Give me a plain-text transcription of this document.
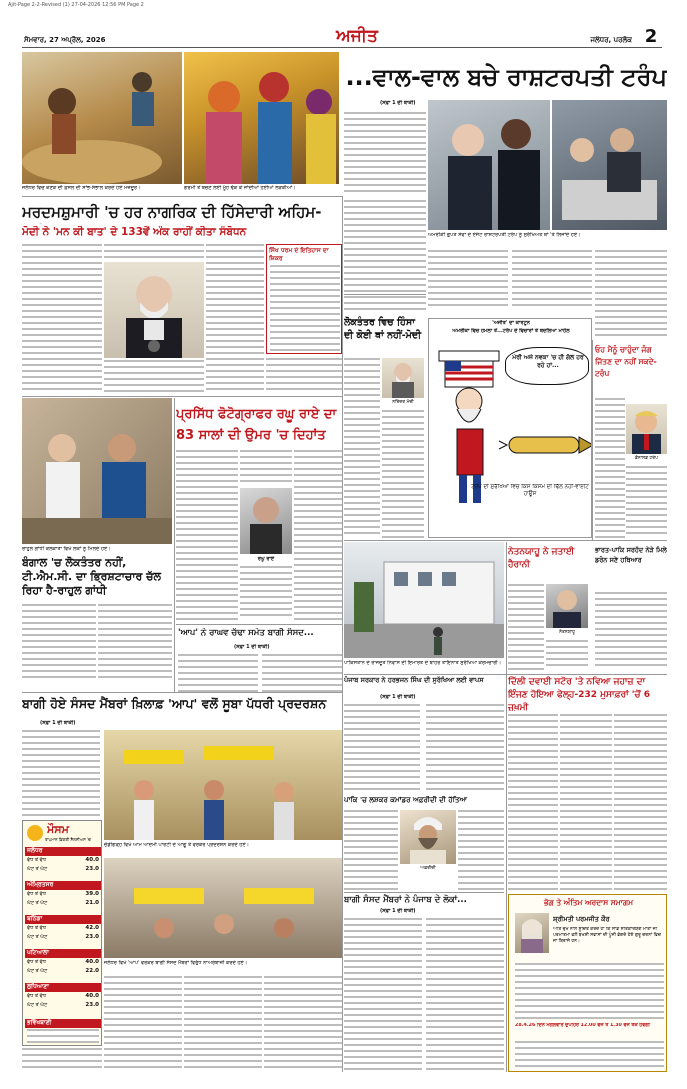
Ajit-Page 2-2-Revised (1) 27-04-2026 12:56 PM Page 2
ਸੋਮਵਾਰ, 27 ਅਪ੍ਰੈਲ, 2026	ਅਜੀਤ	ਜਲੰਧਰ, ਪਰਲੋਕ 2
ਜਲੰਧਰ ਵਿਚ ਕਣਕ ਦੀ ਫ਼ਸਲ ਦੀ ਸਾਂਭ-ਸੰਭਾਲ ਕਰਦੇ ਹੋਏ ਮਜ਼ਦੂਰ।	ਗਰਮੀ ਤੋਂ ਬਚਣ ਲਈ ਮੂੰਹ ਢੱਕ ਕੇ ਜਾਂਦੀਆਂ ਹੋਈਆਂ ਲੜਕੀਆਂ।
...ਵਾਲ-ਵਾਲ ਬਚੇ ਰਾਸ਼ਟਰਪਤੀ ਟਰੰਪ
(ਸਫ਼ਾ 1 ਦੀ ਬਾਕੀ)
ਅਮਰੀਕੀ ਗੁਪਤ ਸੇਵਾ ਦੇ ਏਜੰਟ ਰਾਸ਼ਟਰਪਤੀ ਟਰੰਪ ਨੂੰ ਸੁਰੱਖਿਅਤ ਥਾਂ 'ਤੇ ਲਿਜਾਂਦੇ ਹੋਏ।
ਮਰਦਮਸ਼ੁਮਾਰੀ 'ਚ ਹਰ ਨਾਗਰਿਕ ਦੀ ਹਿੱਸੇਦਾਰੀ ਅਹਿਮ-
ਮੋਦੀ ਨੇ 'ਮਨ ਕੀ ਬਾਤ' ਦੇ 133ਵੇਂ ਅੰਕ ਰਾਹੀਂ ਕੀਤਾ ਸੰਬੋਧਨ
ਸਿੱਖ ਧਰਮ ਦੇ ਇਤਿਹਾਸ ਦਾ ਜ਼ਿਕਰ
ਰਾਹੁਲ ਗਾਂਧੀ ਕੋਲਕਾਤਾ ਵਿਖੇ ਲੋਕਾਂ ਨੂੰ ਮਿਲਦੇ ਹੋਏ।
ਬੰਗਾਲ 'ਚ ਲੋਕਤੰਤਰ ਨਹੀਂ, ਟੀ.ਐਮ.ਸੀ. ਦਾ ਭ੍ਰਿਸ਼ਟਾਚਾਰ ਚੱਲ ਰਿਹਾ ਹੈ-ਰਾਹੁਲ ਗਾਂਧੀ
ਪ੍ਰਸਿੱਧ ਫੋਟੋਗ੍ਰਾਫਰ ਰਘੂ ਰਾਏ ਦਾ 83 ਸਾਲਾਂ ਦੀ ਉਮਰ 'ਚ ਦਿਹਾਂਤ
ਰਘੂ ਰਾਏ
'ਆਪ' ਨੇ ਰਾਘਵ ਚੱਢਾ ਸਮੇਤ ਬਾਗੀ ਸੰਸਦ...
(ਸਫ਼ਾ 1 ਦੀ ਬਾਕੀ)
ਬਾਗੀ ਹੋਏ ਸੰਸਦ ਮੈਂਬਰਾਂ ਖ਼ਿਲਾਫ਼ 'ਆਪ' ਵਲੋਂ ਸੂਬਾ ਪੱਧਰੀ ਪ੍ਰਦਰਸ਼ਨ
(ਸਫ਼ਾ 1 ਦੀ ਬਾਕੀ)
ਚੰਡੀਗੜ੍ਹ ਵਿਖੇ ਆਮ ਆਦਮੀ ਪਾਰਟੀ ਦੇ ਆਗੂ ਤੇ ਵਰਕਰ ਪ੍ਰਦਰਸ਼ਨ ਕਰਦੇ ਹੋਏ।
ਜਲੰਧਰ ਵਿਖੇ 'ਆਪ' ਵਰਕਰ ਬਾਗੀ ਸੰਸਦ ਮੈਂਬਰਾਂ ਵਿਰੁੱਧ ਨਾਅਰੇਬਾਜ਼ੀ ਕਰਦੇ ਹੋਏ।
ਮੌਸਮ
ਤਾਪਮਾਨ ਡਿਗਰੀ ਸੈਲਸੀਅਸ 'ਚ
ਜਲੰਧਰ
ਵੱਧ ਤੋਂ ਵੱਧ	40.0
ਘੱਟ ਤੋਂ ਘੱਟ	23.0
ਅੰਮ੍ਰਿਤਸਰ
ਵੱਧ ਤੋਂ ਵੱਧ	39.0
ਘੱਟ ਤੋਂ ਘੱਟ	21.0
ਬਠਿੰਡਾ
ਵੱਧ ਤੋਂ ਵੱਧ	42.0
ਘੱਟ ਤੋਂ ਘੱਟ	23.0
ਪਟਿਆਲਾ
ਵੱਧ ਤੋਂ ਵੱਧ	40.0
ਘੱਟ ਤੋਂ ਘੱਟ	22.0
ਲੁਧਿਆਣਾ
ਵੱਧ ਤੋਂ ਵੱਧ	40.0
ਘੱਟ ਤੋਂ ਘੱਟ	23.0
ਭਵਿੱਖਬਾਣੀ
ਲੋਕਤੰਤਰ ਵਿਚ ਹਿੰਸਾ ਦੀ ਕੋਈ ਥਾਂ ਨਹੀਂ-ਮੋਦੀ
ਨਰਿੰਦਰ ਮੋਦੀ
'ਅਜੀਤ' ਦਾ ਕਾਰਟੂਨ
ਅਮਰੀਕਾ ਵਿਚ ਹਮਲਾ ਤੋਂ...ਟਰੰਪ ਦੇ ਵਿਚਾਰਾਂ ਤੇ ਬਦਲਿਆ ਮਾਹੌਲ
ਮੇਰੀ ਅਜੇ ਨਵਕਾ 'ਚ ਹੀ ਗੱਲ ਹਰ ਰਹੇ ਹਾਂ...
ਟਰੰਪ ਦੀ ਸੁਰੱਖਿਆ ਵਿਚ ਕਿਸੇ ਕਿਸਮ ਦੀ ਢਿੱਲ ਨਹੀਂ-ਵਾਈਟ ਹਾਊਸ
ਓਹ ਮੈਨੂੰ ਚਾਹੁੰਦਾ ਜੰਗ ਜਿੱਤਣ ਦਾ ਨਹੀਂ ਸਕਦੇ-ਟਰੰਪ
ਡੋਨਾਲਡ ਟਰੰਪ
ਪਾਕਿਸਤਾਨ ਦੇ ਰਾਜਦੂਤ ਨਿਵਾਸ ਦੀ ਇਮਾਰਤ ਦੇ ਬਾਹਰ ਤਾਇਨਾਤ ਸੁਰੱਖਿਆ ਕਰਮਚਾਰੀ।
ਨੇਤਨਯਾਹੂ ਨੇ ਜਤਾਈ ਹੈਰਾਨੀ
ਨੇਤਨਯਾਹੂ
ਭਾਰਤ-ਪਾਕਿ ਸਰਹੱਦ ਨੇੜੇ ਮਿਲੇ ਡਰੋਨ ਸਣੇ ਹਥਿਆਰ
ਪੰਜਾਬ ਸਰਕਾਰ ਨੇ ਹਰਭਜਨ ਸਿੰਘ ਦੀ ਸੁਰੱਖਿਆ ਲਈ ਵਾਪਸ
(ਸਫ਼ਾ 1 ਦੀ ਬਾਕੀ)
ਦਿੱਲੀ ਦਵਾਈ ਸਟੋਰ 'ਤੇ ਨਵਿਆ ਜਹਾਜ਼ ਦਾ ਇੰਜਣ ਹੋਇਆ ਫੇਲ੍ਹ-232 ਮੁਸਾਫ਼ਰਾਂ 'ਚੋਂ 6 ਜ਼ਖ਼ਮੀ
ਪਾਕਿ 'ਚ ਲਸ਼ਕਰ ਕਮਾਂਡਰ ਅਫ਼ਰੀਦੀ ਦੀ ਹੱਤਿਆ
ਅਫ਼ਰੀਦੀ
ਬਾਗੀ ਸੰਸਦ ਮੈਂਬਰਾਂ ਨੇ ਪੰਜਾਬ ਦੇ ਲੋਕਾਂ...
(ਸਫ਼ਾ 1 ਦੀ ਬਾਕੀ)
ਭੋਗ ਤੇ ਅੰਤਿਮ ਅਰਦਾਸ ਸਮਾਗਮ
ਸ਼੍ਰੀਮਤੀ ਪਰਮਜੀਤ ਕੌਰ
ਅਤਿ ਦੁੱਖ ਨਾਲ ਸੂਚਿਤ ਕਰਦੇ ਹਾਂ ਕਿ ਸਾਡੇ ਸਤਿਕਾਰਯੋਗ ਮਾਤਾ ਜੀ ਪਰਮਾਤਮਾ ਵਲੋਂ ਬਖਸ਼ੀ ਸਵਾਸਾਂ ਦੀ ਪੂੰਜੀ ਭੋਗਦੇ ਹੋਏ ਗੁਰੂ ਚਰਨਾਂ ਵਿਚ ਜਾ ਬਿਰਾਜੇ ਹਨ।
28.4.26 ਦਿਨ ਮੰਗਲਵਾਰ ਦੁਪਹਿਰ 12.00 ਵਜੇ ਤੋਂ 1.30 ਵਜੇ ਤੱਕ ਹੋਵੇਗੀ
